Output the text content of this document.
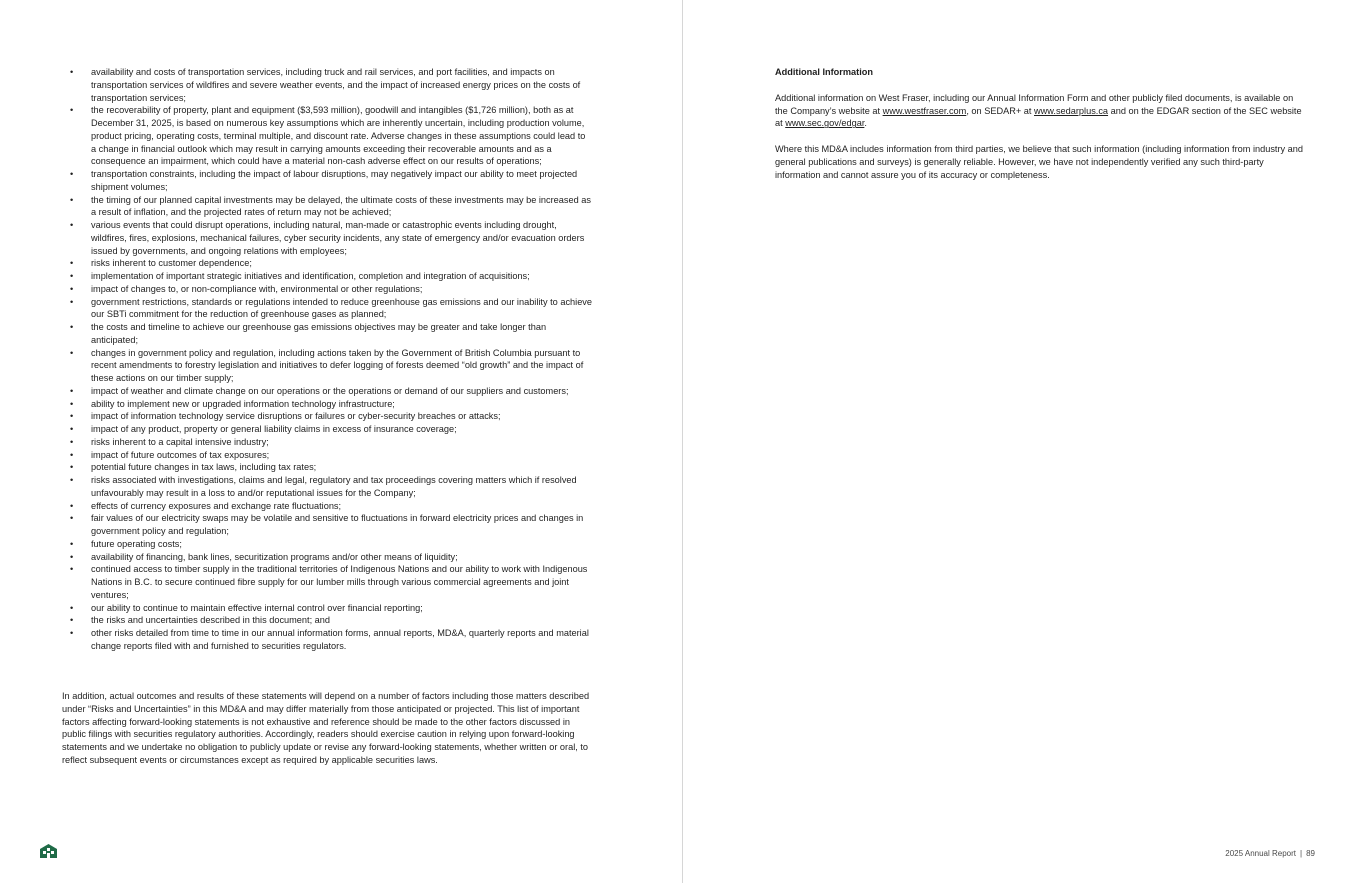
• availability and costs of transportation services, including truck and rail services, and port facilities, and impacts on transportation services of wildfires and severe weather events, and the impact of increased energy prices on the costs of transportation services;
• the recoverability of property, plant and equipment ($3,593 million), goodwill and intangibles ($1,726 million), both as at December 31, 2025, is based on numerous key assumptions which are inherently uncertain, including production volume, product pricing, operating costs, terminal multiple, and discount rate. Adverse changes in these assumptions could lead to a change in financial outlook which may result in carrying amounts exceeding their recoverable amounts and as a consequence an impairment, which could have a material non-cash adverse effect on our results of operations;
• transportation constraints, including the impact of labour disruptions, may negatively impact our ability to meet projected shipment volumes;
• the timing of our planned capital investments may be delayed, the ultimate costs of these investments may be increased as a result of inflation, and the projected rates of return may not be achieved;
• various events that could disrupt operations, including natural, man-made or catastrophic events including drought, wildfires, fires, explosions, mechanical failures, cyber security incidents, any state of emergency and/or evacuation orders issued by governments, and ongoing relations with employees;
• risks inherent to customer dependence;
• implementation of important strategic initiatives and identification, completion and integration of acquisitions;
• impact of changes to, or non-compliance with, environmental or other regulations;
• government restrictions, standards or regulations intended to reduce greenhouse gas emissions and our inability to achieve our SBTi commitment for the reduction of greenhouse gases as planned;
• the costs and timeline to achieve our greenhouse gas emissions objectives may be greater and take longer than anticipated;
• changes in government policy and regulation, including actions taken by the Government of British Columbia pursuant to recent amendments to forestry legislation and initiatives to defer logging of forests deemed “old growth” and the impact of these actions on our timber supply;
• impact of weather and climate change on our operations or the operations or demand of our suppliers and customers;
• ability to implement new or upgraded information technology infrastructure;
• impact of information technology service disruptions or failures or cyber-security breaches or attacks;
• impact of any product, property or general liability claims in excess of insurance coverage;
• risks inherent to a capital intensive industry;
• impact of future outcomes of tax exposures;
• potential future changes in tax laws, including tax rates;
• risks associated with investigations, claims and legal, regulatory and tax proceedings covering matters which if resolved unfavourably may result in a loss to and/or reputational issues for the Company;
• effects of currency exposures and exchange rate fluctuations;
• fair values of our electricity swaps may be volatile and sensitive to fluctuations in forward electricity prices and changes in government policy and regulation;
• future operating costs;
• availability of financing, bank lines, securitization programs and/or other means of liquidity;
• continued access to timber supply in the traditional territories of Indigenous Nations and our ability to work with Indigenous Nations in B.C. to secure continued fibre supply for our lumber mills through various commercial agreements and joint ventures;
• our ability to continue to maintain effective internal control over financial reporting;
• the risks and uncertainties described in this document; and
• other risks detailed from time to time in our annual information forms, annual reports, MD&A, quarterly reports and material change reports filed with and furnished to securities regulators.

In addition, actual outcomes and results of these statements will depend on a number of factors including those matters described under “Risks and Uncertainties” in this MD&A and may differ materially from those anticipated or projected. This list of important factors affecting forward-looking statements is not exhaustive and reference should be made to the other factors discussed in public filings with securities regulatory authorities. Accordingly, readers should exercise caution in relying upon forward-looking statements and we undertake no obligation to publicly update or revise any forward-looking statements, whether written or oral, to reflect subsequent events or circumstances except as required by applicable securities laws.

Additional Information

Additional information on West Fraser, including our Annual Information Form and other publicly filed documents, is available on the Company’s website at www.westfraser.com, on SEDAR+ at www.sedarplus.ca and on the EDGAR section of the SEC website at www.sec.gov/edgar.

Where this MD&A includes information from third parties, we believe that such information (including information from industry and general publications and surveys) is generally reliable. However, we have not independently verified any such third-party information and cannot assure you of its accuracy or completeness.

2025 Annual Report | 89
